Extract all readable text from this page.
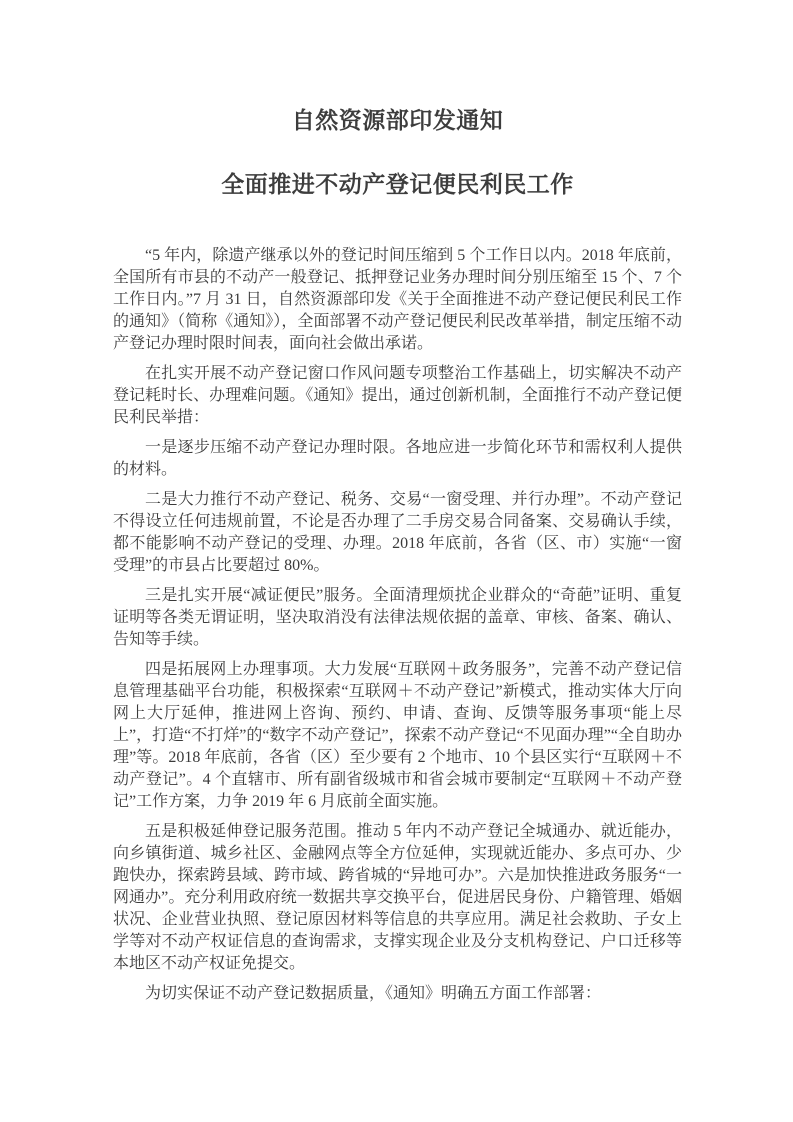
自然资源部印发通知
全面推进不动产登记便民利民工作

“5 年内，除遗产继承以外的登记时间压缩到 5 个工作日以内。2018 年底前，全国所有市县的不动产一般登记、抵押登记业务办理时间分别压缩至 15 个、7 个工作日内。”7 月 31 日，自然资源部印发《关于全面推进不动产登记便民利民工作的通知》（简称《通知》），全面部署不动产登记便民利民改革举措，制定压缩不动产登记办理时限时间表，面向社会做出承诺。

在扎实开展不动产登记窗口作风问题专项整治工作基础上，切实解决不动产登记耗时长、办理难问题。《通知》提出，通过创新机制，全面推行不动产登记便民利民举措：

一是逐步压缩不动产登记办理时限。各地应进一步简化环节和需权利人提供的材料。

二是大力推行不动产登记、税务、交易“一窗受理、并行办理”。不动产登记不得设立任何违规前置，不论是否办理了二手房交易合同备案、交易确认手续，都不能影响不动产登记的受理、办理。2018 年底前，各省（区、市）实施“一窗受理”的市县占比要超过 80%。

三是扎实开展“减证便民”服务。全面清理烦扰企业群众的“奇葩”证明、重复证明等各类无谓证明，坚决取消没有法律法规依据的盖章、审核、备案、确认、告知等手续。

四是拓展网上办理事项。大力发展“互联网＋政务服务”，完善不动产登记信息管理基础平台功能，积极探索“互联网＋不动产登记”新模式，推动实体大厅向网上大厅延伸，推进网上咨询、预约、申请、查询、反馈等服务事项“能上尽上”，打造“不打烊”的“数字不动产登记”，探索不动产登记“不见面办理”“全自助办理”等。2018 年底前，各省（区）至少要有 2 个地市、10 个县区实行“互联网＋不动产登记”。4 个直辖市、所有副省级城市和省会城市要制定“互联网＋不动产登记”工作方案，力争 2019 年 6 月底前全面实施。

五是积极延伸登记服务范围。推动 5 年内不动产登记全城通办、就近能办，向乡镇街道、城乡社区、金融网点等全方位延伸，实现就近能办、多点可办、少跑快办，探索跨县域、跨市域、跨省城的“异地可办”。六是加快推进政务服务“一网通办”。充分利用政府统一数据共享交换平台，促进居民身份、户籍管理、婚姻状况、企业营业执照、登记原因材料等信息的共享应用。满足社会救助、子女上学等对不动产权证信息的查询需求，支撑实现企业及分支机构登记、户口迁移等本地区不动产权证免提交。

为切实保证不动产登记数据质量，《通知》明确五方面工作部署：
